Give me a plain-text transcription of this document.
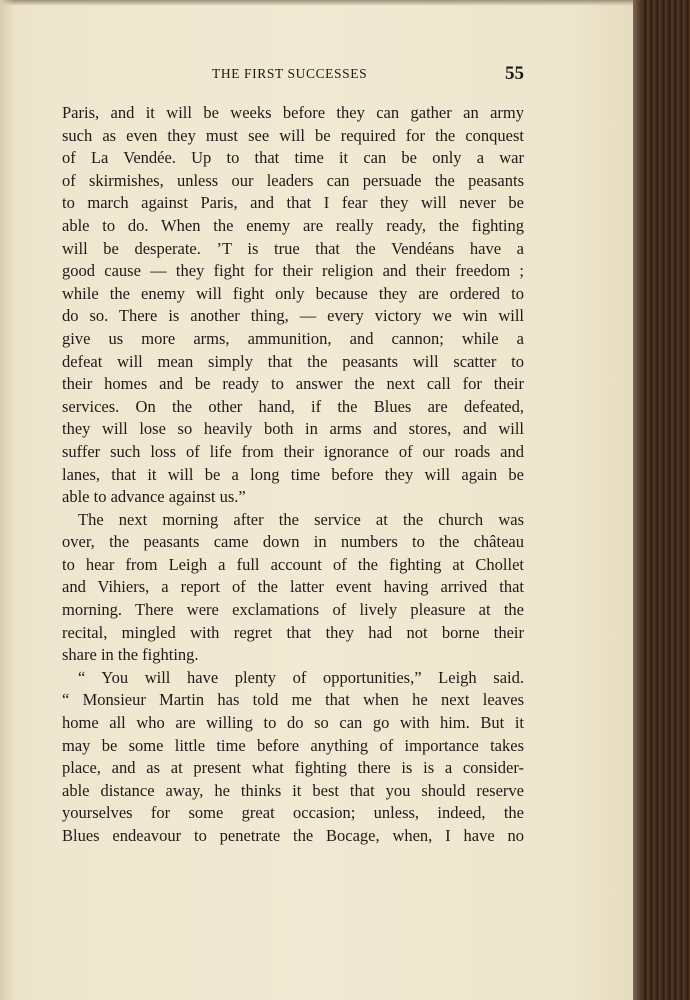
THE FIRST SUCCESSES	55
Paris, and it will be weeks before they can gather an army
such as even they must see will be required for the conquest
of La Vendée. Up to that time it can be only a war
of skirmishes, unless our leaders can persuade the peasants
to march against Paris, and that I fear they will never be
able to do. When the enemy are really ready, the fighting
will be desperate. ’T is true that the Vendéans have a
good cause — they fight for their religion and their freedom ;
while the enemy will fight only because they are ordered to
do so. There is another thing, — every victory we win will
give us more arms, ammunition, and cannon; while a
defeat will mean simply that the peasants will scatter to
their homes and be ready to answer the next call for their
services. On the other hand, if the Blues are defeated,
they will lose so heavily both in arms and stores, and will
suffer such loss of life from their ignorance of our roads and
lanes, that it will be a long time before they will again be
able to advance against us.”
The next morning after the service at the church was
over, the peasants came down in numbers to the château
to hear from Leigh a full account of the fighting at Chollet
and Vihiers, a report of the latter event having arrived that
morning. There were exclamations of lively pleasure at the
recital, mingled with regret that they had not borne their
share in the fighting.
“ You will have plenty of opportunities,” Leigh said.
“ Monsieur Martin has told me that when he next leaves
home all who are willing to do so can go with him. But it
may be some little time before anything of importance takes
place, and as at present what fighting there is is a consider-
able distance away, he thinks it best that you should reserve
yourselves for some great occasion; unless, indeed, the
Blues endeavour to penetrate the Bocage, when, I have no
